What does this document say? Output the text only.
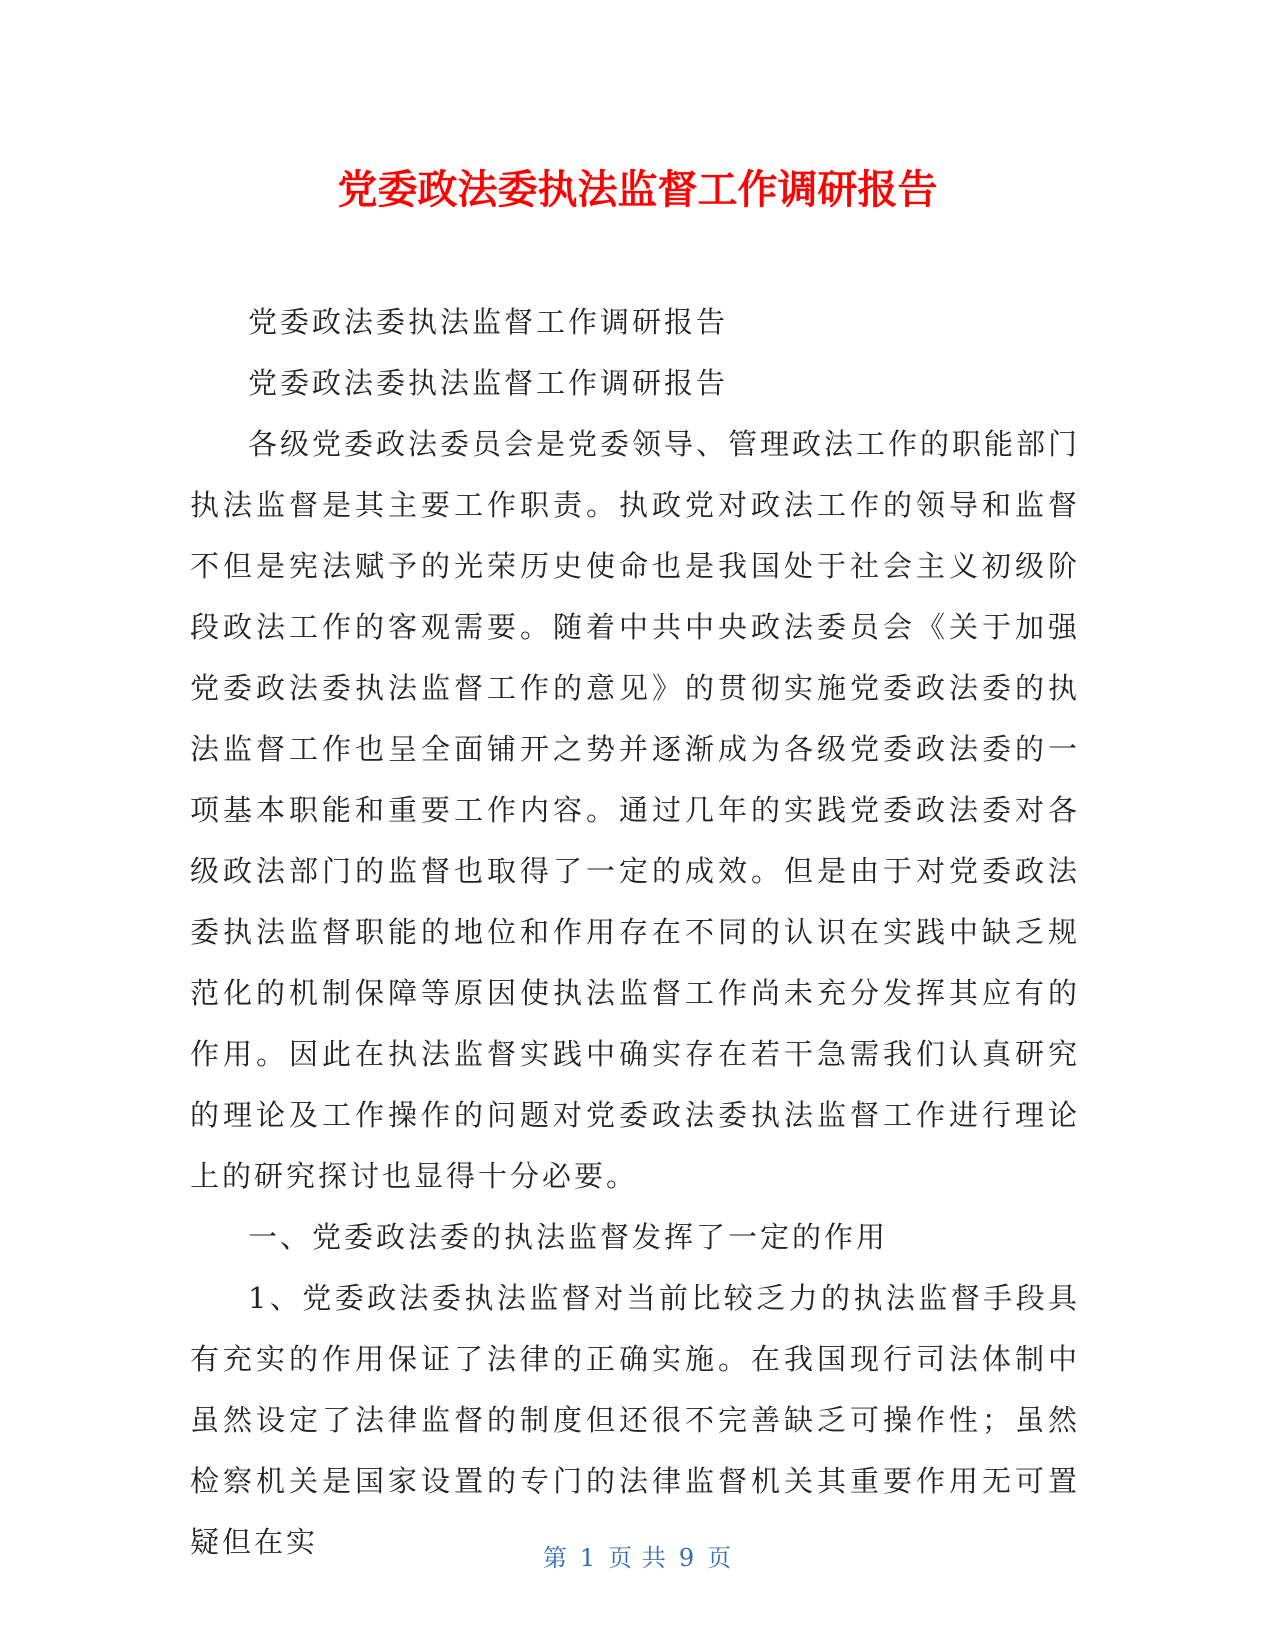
党委政法委执法监督工作调研报告

党委政法委执法监督工作调研报告

党委政法委执法监督工作调研报告

各级党委政法委员会是党委领导、管理政法工作的职能部门执法监督是其主要工作职责。执政党对政法工作的领导和监督不但是宪法赋予的光荣历史使命也是我国处于社会主义初级阶段政法工作的客观需要。随着中共中央政法委员会《关于加强党委政法委执法监督工作的意见》的贯彻实施党委政法委的执法监督工作也呈全面铺开之势并逐渐成为各级党委政法委的一项基本职能和重要工作内容。通过几年的实践党委政法委对各级政法部门的监督也取得了一定的成效。但是由于对党委政法委执法监督职能的地位和作用存在不同的认识在实践中缺乏规范化的机制保障等原因使执法监督工作尚未充分发挥其应有的作用。因此在执法监督实践中确实存在若干急需我们认真研究的理论及工作操作的问题对党委政法委执法监督工作进行理论上的研究探讨也显得十分必要。

一、党委政法委的执法监督发挥了一定的作用

1、党委政法委执法监督对当前比较乏力的执法监督手段具有充实的作用保证了法律的正确实施。在我国现行司法体制中虽然设定了法律监督的制度但还很不完善缺乏可操作性；虽然检察机关是国家设置的专门的法律监督机关其重要作用无可置疑但在实	第 1 页 共 9 页
